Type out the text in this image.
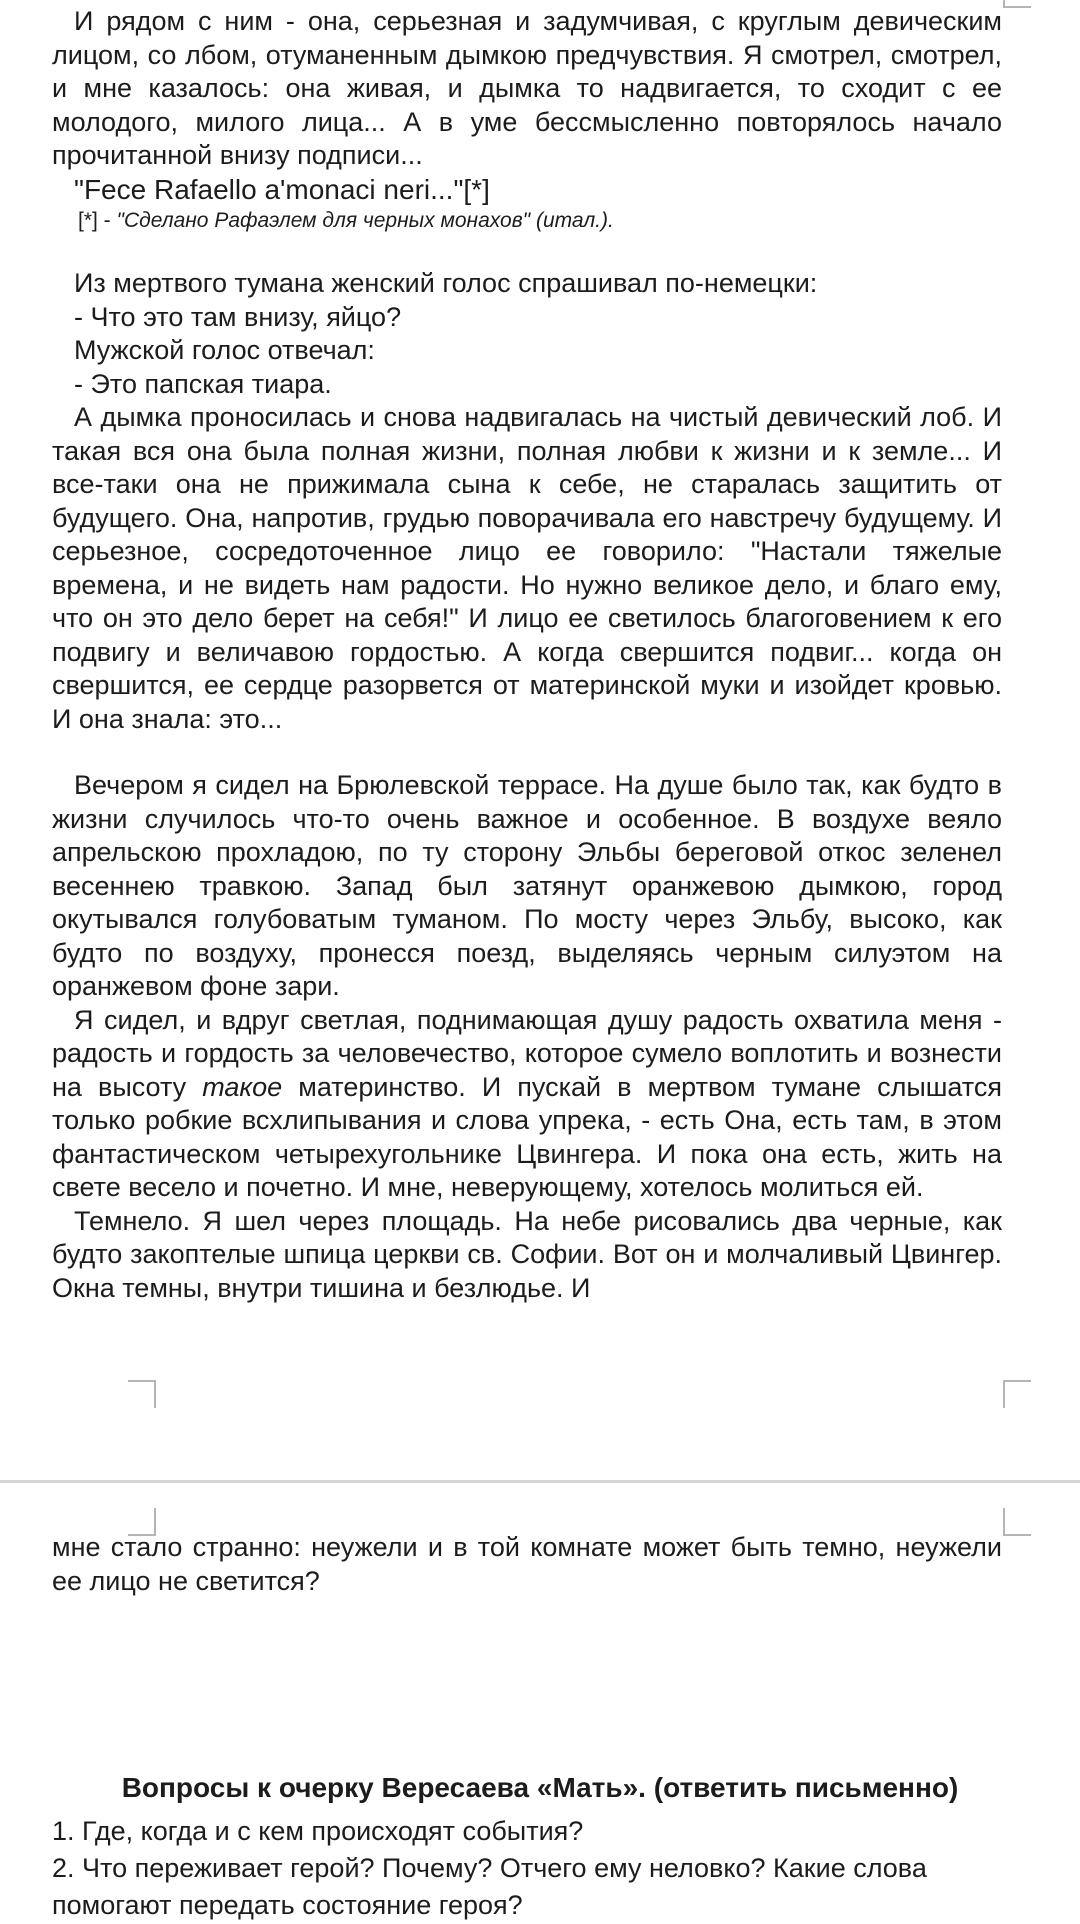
И рядом с ним - она, серьезная и задумчивая, с круглым девическим лицом, со лбом, отуманенным дымкою предчувствия. Я смотрел, смотрел, и мне казалось: она живая, и дымка то надвигается, то сходит с ее молодого, милого лица... А в уме бессмысленно повторялось начало прочитанной внизу подписи...

"Fece Rafaello a'monaci neri..."[*]

[*] - "Сделано Рафаэлем для черных монахов" (итал.).

Из мертвого тумана женский голос спрашивал по-немецки:

- Что это там внизу, яйцо?

Мужской голос отвечал:

- Это папская тиара.

А дымка проносилась и снова надвигалась на чистый девический лоб. И такая вся она была полная жизни, полная любви к жизни и к земле... И все-таки она не прижимала сына к себе, не старалась защитить от будущего. Она, напротив, грудью поворачивала его навстречу будущему. И серьезное, сосредоточенное лицо ее говорило: "Настали тяжелые времена, и не видеть нам радости. Но нужно великое дело, и благо ему, что он это дело берет на себя!" И лицо ее светилось благоговением к его подвигу и величавою гордостью. А когда свершится подвиг... когда он свершится, ее сердце разорвется от материнской муки и изойдет кровью. И она знала: это...

Вечером я сидел на Брюлевской террасе. На душе было так, как будто в жизни случилось что-то очень важное и особенное. В воздухе веяло апрельскою прохладою, по ту сторону Эльбы береговой откос зеленел весеннею травкою. Запад был затянут оранжевою дымкою, город окутывался голубоватым туманом. По мосту через Эльбу, высоко, как будто по воздуху, пронесся поезд, выделяясь черным силуэтом на оранжевом фоне зари.

Я сидел, и вдруг светлая, поднимающая душу радость охватила меня - радость и гордость за человечество, которое сумело воплотить и вознести на высоту такое материнство. И пускай в мертвом тумане слышатся только робкие всхлипывания и слова упрека, - есть Она, есть там, в этом фантастическом четырехугольнике Цвингера. И пока она есть, жить на свете весело и почетно. И мне, неверующему, хотелось молиться ей.

Темнело. Я шел через площадь. На небе рисовались два черные, как будто закоптелые шпица церкви св. Софии. Вот он и молчаливый Цвингер. Окна темны, внутри тишина и безлюдье. И

мне стало странно: неужели и в той комнате может быть темно, неужели ее лицо не светится?

Вопросы к очерку Вересаева «Мать». (ответить письменно)

1. Где, когда и с кем происходят события?

2. Что переживает герой? Почему? Отчего ему неловко? Какие слова помогают передать состояние героя?
